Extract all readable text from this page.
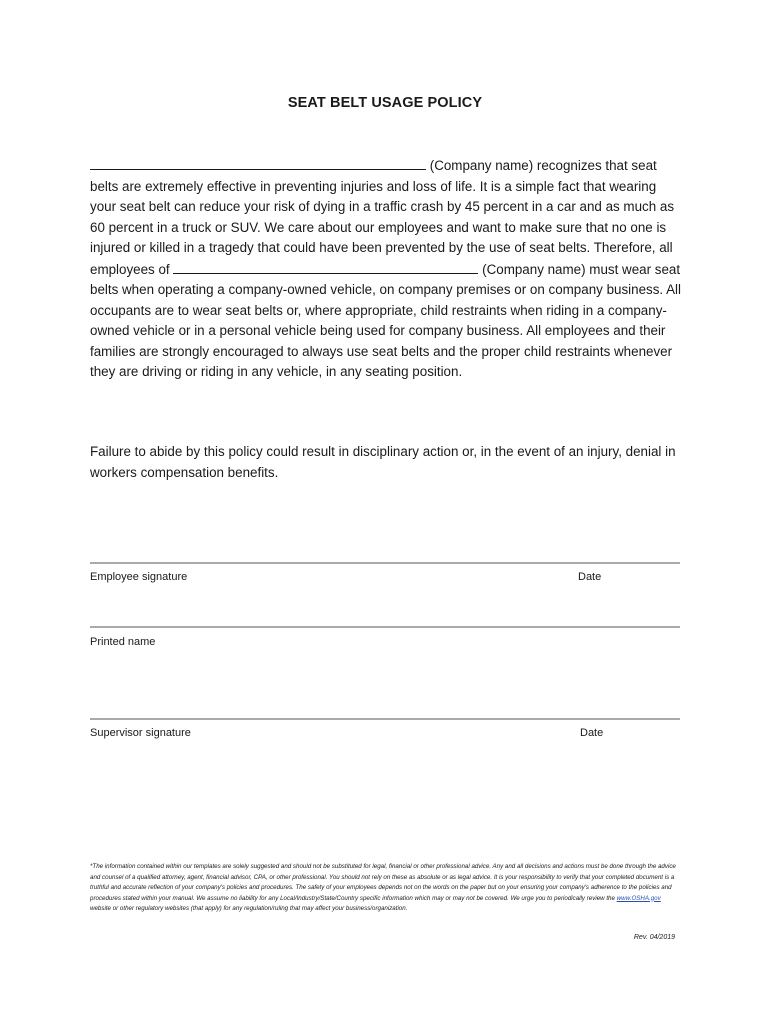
SEAT BELT USAGE POLICY
(Company name) recognizes that seat belts are extremely effective in preventing injuries and loss of life. It is a simple fact that wearing your seat belt can reduce your risk of dying in a traffic crash by 45 percent in a car and as much as 60 percent in a truck or SUV. We care about our employees and want to make sure that no one is injured or killed in a tragedy that could have been prevented by the use of seat belts. Therefore, all employees of	(Company name) must wear seat belts when operating a company-owned vehicle, on company premises or on company business. All occupants are to wear seat belts or, where appropriate, child restraints when riding in a company-owned vehicle or in a personal vehicle being used for company business. All employees and their families are strongly encouraged to always use seat belts and the proper child restraints whenever they are driving or riding in any vehicle, in any seating position.
Failure to abide by this policy could result in disciplinary action or, in the event of an injury, denial in workers compensation benefits.
Employee signature	Date
Printed name
Supervisor signature	Date
*The information contained within our templates are solely suggested and should not be substituted for legal, financial or other professional advice. Any and all decisions and actions must be done through the advice and counsel of a qualified attorney, agent, financial advisor, CPA, or other professional. You should not rely on these as absolute or as legal advice. It is your responsibility to verify that your completed document is a truthful and accurate reflection of your company's policies and procedures. The safety of your employees depends not on the words on the paper but on your ensuring your company's adherence to the policies and procedures stated within your manual. We assume no liability for any Local/Industry/State/Country specific information which may or may not be covered. We urge you to periodically review the www.OSHA.gov website or other regulatory websites (that apply) for any regulation/ruling that may affect your business/organization.
Rev. 04/2019
